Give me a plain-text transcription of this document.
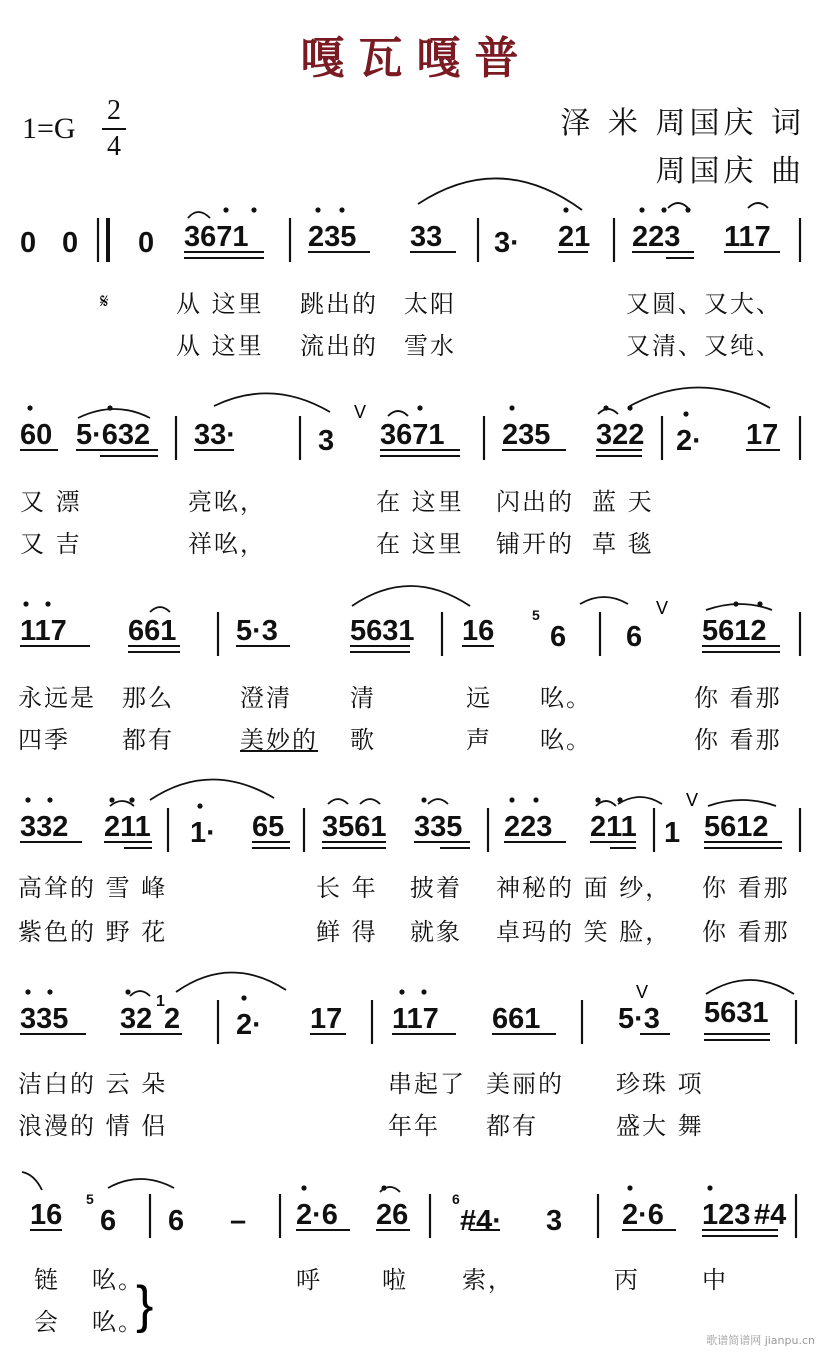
嘎瓦嘎普
1=G
2
4
泽 米 周国庆 词
周国庆 曲
0 0 0 3671 235 33 3· 21 223 117
60 5·632 33·	3 3671 235 322 2· 17
117 661 5·3 5631 16	5
6 6 5612
332 211 1· 65 3561 335 223 211 1 5612
335 32
1
2 2· 17 117 661	5·3 5631
16 5
6 6 – 2·6 26	6
#4· 3 2·6 123 #4
𝄋
V
V
V
V
}
从 这里 跳出的 太阳	又圆、 又大、
从 这里 流出的 雪水	又清、 又纯、
又 漂	亮吆，	在 这里 闪出的 蓝 天
又 吉	祥吆，	在 这里 铺开的 草 毯
永远是 那么	澄清 清	远 吆。	你 看那
四季 都有	美妙的 歌	声 吆。	你 看那
高耸的 雪 峰	长 年 披着 神秘的 面 纱， 你 看那
紫色的 野 花	鲜 得 就象 卓玛的 笑 脸， 你 看那
洁白的 云 朵	串起了 美丽的 珍珠 项
浪漫的 情 侣	年年 都有	盛大 舞
链 吆。	呼	啦 索，	丙	中
会 吆。
歌谱简谱网 jianpu.cn
